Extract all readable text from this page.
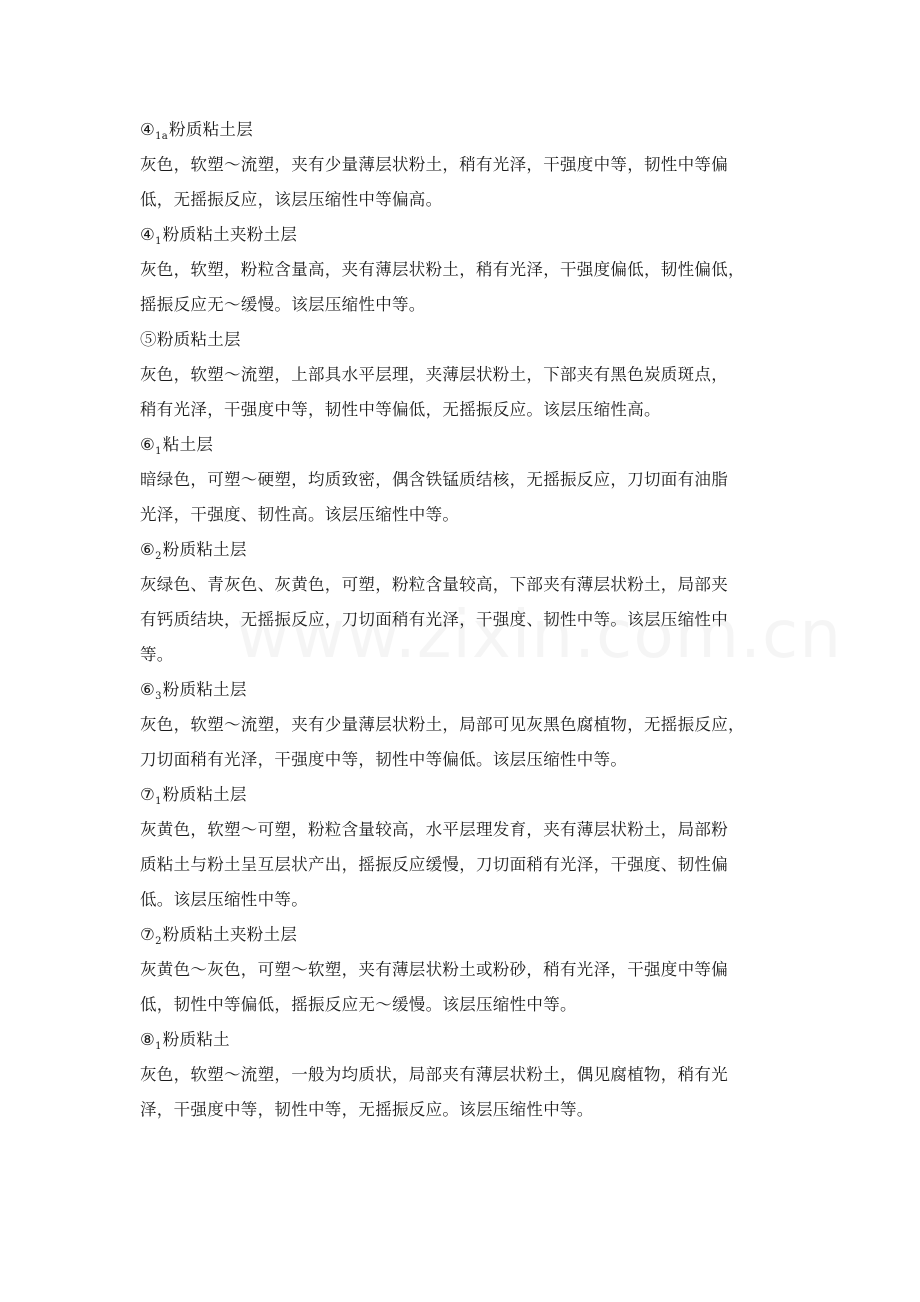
$④_{1a}$粉质粘土层
灰色，软塑～流塑，夹有少量薄层状粉土，稍有光泽，干强度中等，韧性中等偏
低，无摇振反应，该层压缩性中等偏高。
$④_1$粉质粘土夹粉土层
灰色，软塑，粉粒含量高，夹有薄层状粉土，稍有光泽，干强度偏低，韧性偏低，
摇振反应无～缓慢。该层压缩性中等。
⑤粉质粘土层
灰色，软塑～流塑，上部具水平层理，夹薄层状粉土，下部夹有黑色炭质斑点，
稍有光泽，干强度中等，韧性中等偏低，无摇振反应。该层压缩性高。
$⑥_1$粘土层
暗绿色，可塑～硬塑，均质致密，偶含铁锰质结核，无摇振反应，刀切面有油脂
光泽，干强度、韧性高。该层压缩性中等。
$⑥_2$粉质粘土层
灰绿色、青灰色、灰黄色，可塑，粉粒含量较高，下部夹有薄层状粉土，局部夹
有钙质结块，无摇振反应，刀切面稍有光泽，干强度、韧性中等。该层压缩性中
等。
$⑥_3$粉质粘土层
灰色，软塑～流塑，夹有少量薄层状粉土，局部可见灰黑色腐植物，无摇振反应，
刀切面稍有光泽，干强度中等，韧性中等偏低。该层压缩性中等。
$⑦_1$粉质粘土层
灰黄色，软塑～可塑，粉粒含量较高，水平层理发育，夹有薄层状粉土，局部粉
质粘土与粉土呈互层状产出，摇振反应缓慢，刀切面稍有光泽，干强度、韧性偏
低。该层压缩性中等。
$⑦_2$粉质粘土夹粉土层
灰黄色～灰色，可塑～软塑，夹有薄层状粉土或粉砂，稍有光泽，干强度中等偏
低，韧性中等偏低，摇振反应无～缓慢。该层压缩性中等。
$⑧_1$粉质粘土
灰色，软塑～流塑，一般为均质状，局部夹有薄层状粉土，偶见腐植物，稍有光
泽，干强度中等，韧性中等，无摇振反应。该层压缩性中等。
